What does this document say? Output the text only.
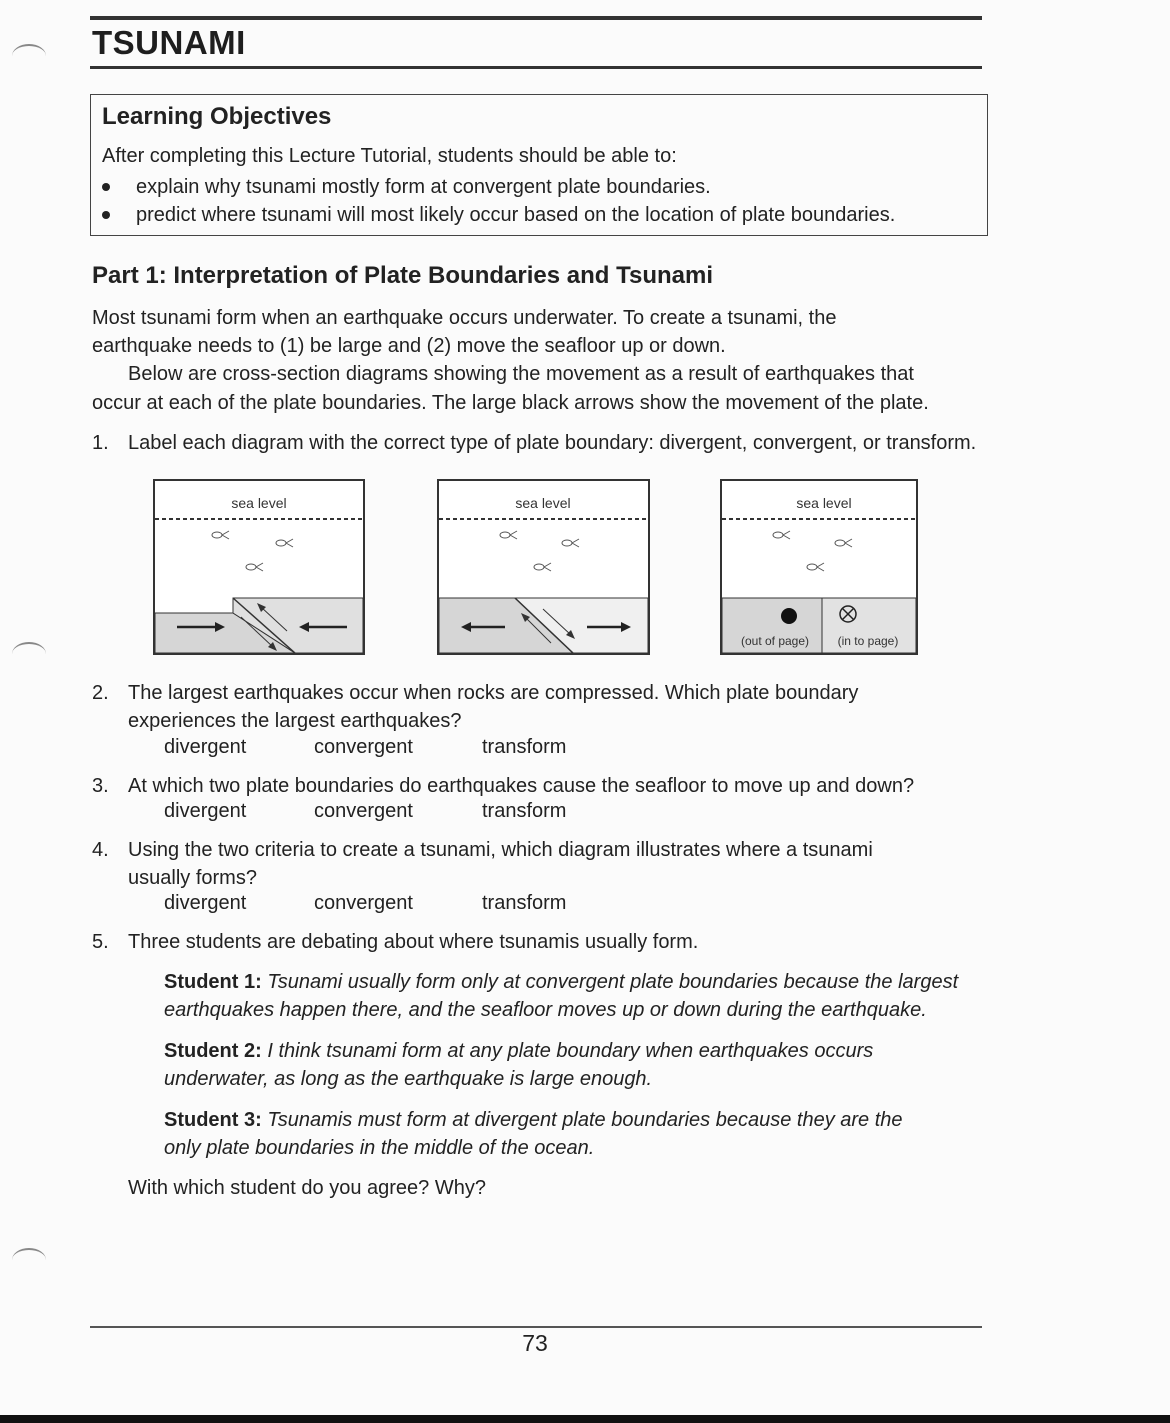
TSUNAMI
Learning Objectives

After completing this Lecture Tutorial, students should be able to:

explain why tsunami mostly form at convergent plate boundaries.
predict where tsunami will most likely occur based on the location of plate boundaries.
Part 1: Interpretation of Plate Boundaries and Tsunami

Most tsunami form when an earthquake occurs underwater. To create a tsunami, the

earthquake needs to (1) be large and (2) move the seafloor up or down.

Below are cross-section diagrams showing the movement as a result of earthquakes that

occur at each of the plate boundaries. The large black arrows show the movement of the plate.

1. Label each diagram with the correct type of plate boundary: divergent, convergent, or transform.
sea level	sea level	sea level
(out of page) (in to page)
2. The largest earthquakes occur when rocks are compressed. Which plate boundary
experiences the largest earthquakes?
divergent	convergent	transform
3. At which two plate boundaries do earthquakes cause the seafloor to move up and down?
divergent	convergent	transform
4. Using the two criteria to create a tsunami, which diagram illustrates where a tsunami
usually forms?
divergent	convergent	transform
5. Three students are debating about where tsunamis usually form.
Student 1: Tsunami usually form only at convergent plate boundaries because the largest
earthquakes happen there, and the seafloor moves up or down during the earthquake.
Student 2: I think tsunami form at any plate boundary when earthquakes occurs
underwater, as long as the earthquake is large enough.
Student 3: Tsunamis must form at divergent plate boundaries because they are the
only plate boundaries in the middle of the ocean.
With which student do you agree? Why?
73
